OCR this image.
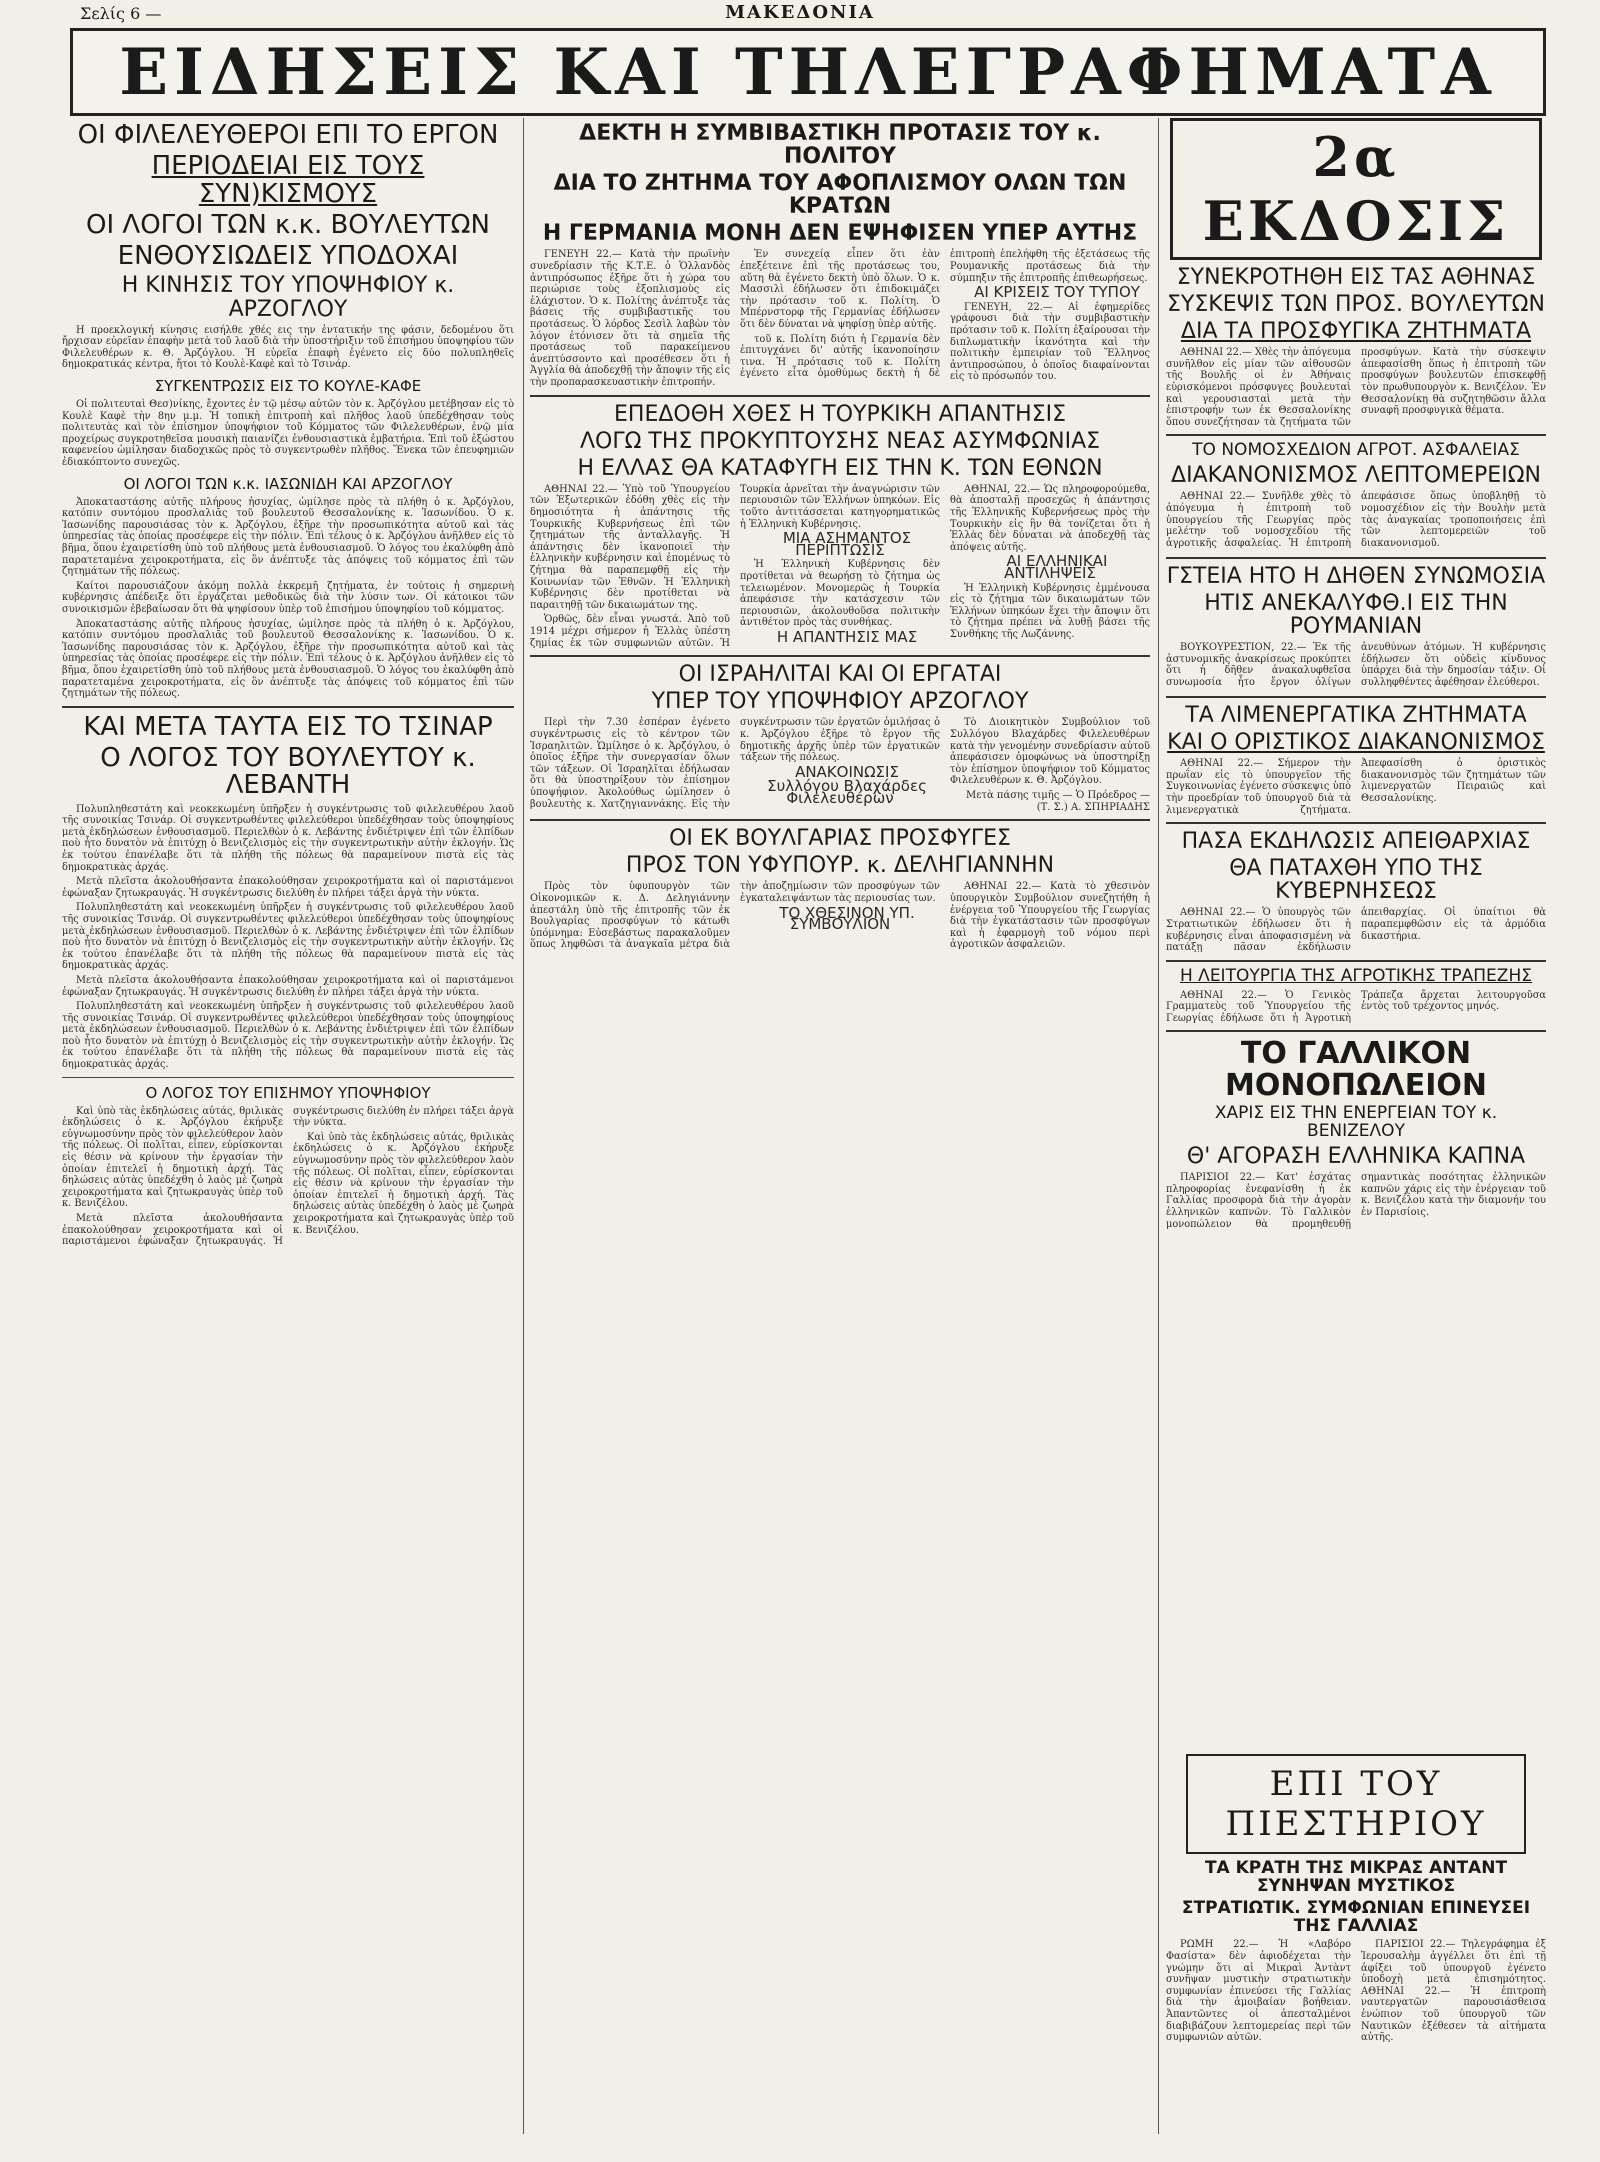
Σελίς 6 —	ΜΑΚΕΔΟΝΙΑ
ΕΙΔΗΣΕΙΣ ΚΑΙ ΤΗΛΕΓΡΑΦΗΜΑΤΑ
ΟΙ ΦΙΛΕΛΕΥΘΕΡΟΙ ΕΠΙ ΤΟ ΕΡΓΟΝ
ΠΕΡΙΟΔΕΙΑΙ ΕΙΣ ΤΟΥΣ ΣΥΝ)ΚΙΣΜΟΥΣ
ΟΙ ΛΟΓΟΙ ΤΩΝ κ.κ. ΒΟΥΛΕΥΤΩΝ
ΕΝΘΟΥΣΙΩΔΕΙΣ ΥΠΟΔΟΧΑΙ
Η ΚΙΝΗΣΙΣ ΤΟΥ ΥΠΟΨΗΦΙΟΥ κ. ΑΡΖΟΓΛΟΥ

Η προεκλογική κίνησις εισήλθε χθές εις την ἐντατικήν της φάσιν, δεδομένου ὅτι ἤρχισαν εὐρεῖαν ἐπαφὴν μετὰ τοῦ λαοῦ διὰ τὴν ὑποστήριξιν τοῦ ἐπισήμου ὑποψηφίου τῶν Φιλελευθέρων κ. Θ. Ἀρζόγλου. Ἡ εὐρεῖα ἐπαφὴ ἐγένετο εἰς δύο πολυπληθεῖς δημοκρατικάς κέντρα, ἤτοι τὸ Κουλὲ-Καφὲ καὶ τὸ Τσινάρ.

ΣΥΓΚΕΝΤΡΩΣΙΣ ΕΙΣ ΤΟ ΚΟΥΛΕ-ΚΑΦΕ

Οἱ πολιτευταὶ Θεσ)νίκης, ἔχοντες ἐν τῷ μέσῳ αὐτῶν τὸν κ. Ἀρζόγλου μετέβησαν εἰς τὸ Κουλὲ Καφὲ τὴν 8ην μ.μ. Ἡ τοπικὴ ἐπιτροπὴ καὶ πλῆθος λαοῦ ὑπεδέχθησαν τοὺς πολιτευτὰς καὶ τὸν ἐπίσημον ὑποψήφιον τοῦ Κόμματος τῶν Φιλελευθέρων, ἐνῷ μία προχείρως συγκροτηθεῖσα μουσικὴ παιανίζει ἐνθουσιαστικὰ ἐμβατήρια. Ἐπὶ τοῦ ἐξώστου καφενείου ὡμίλησαν διαδοχικῶς πρὸς τὸ συγκεντρωθὲν πλῆθος. Ἕνεκα τῶν ἐπευφημιῶν ἐδιακόπτοντο συνεχῶς.

ΟΙ ΛΟΓΟΙ ΤΩΝ κ.κ. ΙΑΣΩΝΙΔΗ ΚΑΙ ΑΡΖΟΓΛΟΥ

Ἀποκαταστάσης αὐτῆς πλήρους ἡσυχίας, ὡμίλησε πρὸς τὰ πλήθη ὁ κ. Ἀρζόγλου, κατόπιν συντόμου προσλαλιᾶς τοῦ βουλευτοῦ Θεσσαλονίκης κ. Ἰασωνίδου. Ὁ κ. Ἰασωνίδης παρουσιάσας τὸν κ. Ἀρζόγλου, ἐξῆρε τὴν προσωπικότητα αὐτοῦ καὶ τὰς ὑπηρεσίας τὰς ὁποίας προσέφερε εἰς τὴν πόλιν. Ἐπὶ τέλους ὁ κ. Ἀρζόγλου ἀνῆλθεν εἰς τὸ βῆμα, ὅπου ἐχαιρετίσθη ὑπὸ τοῦ πλήθους μετὰ ἐνθουσιασμοῦ. Ὁ λόγος του ἐκαλύφθη ἀπὸ παρατεταμένα χειροκροτήματα, εἰς ὃν ἀνέπτυξε τὰς ἀπόψεις τοῦ κόμματος ἐπὶ τῶν ζητημάτων τῆς πόλεως.

Καίτοι παρουσιάζουν ἀκόμη πολλὰ ἐκκρεμῆ ζητήματα, ἐν τούτοις ἡ σημερινὴ κυβέρνησις ἀπέδειξε ὅτι ἐργάζεται μεθοδικῶς διὰ τὴν λύσιν των. Οἱ κάτοικοι τῶν συνοικισμῶν ἐβεβαίωσαν ὅτι θὰ ψηφίσουν ὑπὲρ τοῦ ἐπισήμου ὑποψηφίου τοῦ κόμματος.

Ἀποκαταστάσης αὐτῆς πλήρους ἡσυχίας, ὡμίλησε πρὸς τὰ πλήθη ὁ κ. Ἀρζόγλου, κατόπιν συντόμου προσλαλιᾶς τοῦ βουλευτοῦ Θεσσαλονίκης κ. Ἰασωνίδου. Ὁ κ. Ἰασωνίδης παρουσιάσας τὸν κ. Ἀρζόγλου, ἐξῆρε τὴν προσωπικότητα αὐτοῦ καὶ τὰς ὑπηρεσίας τὰς ὁποίας προσέφερε εἰς τὴν πόλιν. Ἐπὶ τέλους ὁ κ. Ἀρζόγλου ἀνῆλθεν εἰς τὸ βῆμα, ὅπου ἐχαιρετίσθη ὑπὸ τοῦ πλήθους μετὰ ἐνθουσιασμοῦ. Ὁ λόγος του ἐκαλύφθη ἀπὸ παρατεταμένα χειροκροτήματα, εἰς ὃν ἀνέπτυξε τὰς ἀπόψεις τοῦ κόμματος ἐπὶ τῶν ζητημάτων τῆς πόλεως.

ΚΑΙ ΜΕΤΑ ΤΑΥΤΑ ΕΙΣ ΤΟ ΤΣΙΝΑΡ
Ο ΛΟΓΟΣ ΤΟΥ ΒΟΥΛΕΥΤΟΥ κ. ΛΕΒΑΝΤΗ

Πολυπληθεστάτη καὶ νεοκεκωμένη ὑπῆρξεν ἡ συγκέντρωσις τοῦ φιλελευθέρου λαοῦ τῆς συνοικίας Τσινάρ. Οἱ συγκεντρωθέντες φιλελεύθεροι ὑπεδέχθησαν τοὺς ὑποψηφίους μετὰ ἐκδηλώσεων ἐνθουσιασμοῦ. Περιελθὼν ὁ κ. Λεβάντης ἐνδιέτριψεν ἐπὶ τῶν ἐλπίδων ποὺ ἦτο δυνατὸν νὰ ἐπιτύχῃ ὁ Βενιζελισμὸς εἰς τὴν συγκεντρωτικὴν αὐτὴν ἐκλογήν. Ὡς ἐκ τούτου ἐπανέλαβε ὅτι τὰ πλήθη τῆς πόλεως θὰ παραμείνουν πιστὰ εἰς τὰς δημοκρατικὰς ἀρχάς.

Μετὰ πλεῖστα ἀκολουθήσαντα ἐπακολούθησαν χειροκροτήματα καὶ οἱ παριστάμενοι ἐφώναξαν ζητωκραυγάς. Ἡ συγκέντρωσις διελύθη ἐν πλήρει τάξει ἀργὰ τὴν νύκτα.

Πολυπληθεστάτη καὶ νεοκεκωμένη ὑπῆρξεν ἡ συγκέντρωσις τοῦ φιλελευθέρου λαοῦ τῆς συνοικίας Τσινάρ. Οἱ συγκεντρωθέντες φιλελεύθεροι ὑπεδέχθησαν τοὺς ὑποψηφίους μετὰ ἐκδηλώσεων ἐνθουσιασμοῦ. Περιελθὼν ὁ κ. Λεβάντης ἐνδιέτριψεν ἐπὶ τῶν ἐλπίδων ποὺ ἦτο δυνατὸν νὰ ἐπιτύχῃ ὁ Βενιζελισμὸς εἰς τὴν συγκεντρωτικὴν αὐτὴν ἐκλογήν. Ὡς ἐκ τούτου ἐπανέλαβε ὅτι τὰ πλήθη τῆς πόλεως θὰ παραμείνουν πιστὰ εἰς τὰς δημοκρατικὰς ἀρχάς.

Μετὰ πλεῖστα ἀκολουθήσαντα ἐπακολούθησαν χειροκροτήματα καὶ οἱ παριστάμενοι ἐφώναξαν ζητωκραυγάς. Ἡ συγκέντρωσις διελύθη ἐν πλήρει τάξει ἀργὰ τὴν νύκτα.

Πολυπληθεστάτη καὶ νεοκεκωμένη ὑπῆρξεν ἡ συγκέντρωσις τοῦ φιλελευθέρου λαοῦ τῆς συνοικίας Τσινάρ. Οἱ συγκεντρωθέντες φιλελεύθεροι ὑπεδέχθησαν τοὺς ὑποψηφίους μετὰ ἐκδηλώσεων ἐνθουσιασμοῦ. Περιελθὼν ὁ κ. Λεβάντης ἐνδιέτριψεν ἐπὶ τῶν ἐλπίδων ποὺ ἦτο δυνατὸν νὰ ἐπιτύχῃ ὁ Βενιζελισμὸς εἰς τὴν συγκεντρωτικὴν αὐτὴν ἐκλογήν. Ὡς ἐκ τούτου ἐπανέλαβε ὅτι τὰ πλήθη τῆς πόλεως θὰ παραμείνουν πιστὰ εἰς τὰς δημοκρατικὰς ἀρχάς.

Ο ΛΟΓΟΣ ΤΟΥ ΕΠΙΣΗΜΟΥ ΥΠΟΨΗΦΙΟΥ

Καὶ ὑπὸ τὰς ἐκδηλώσεις αὐτάς, θριλικὰς ἐκδηλώσεις ὁ κ. Ἀρζόγλου ἐκήρυξε εὐγνωμοσύνην πρὸς τὸν φιλελεύθερον λαὸν τῆς πόλεως. Οἱ πολῖται, εἶπεν, εὑρίσκονται εἰς θέσιν νὰ κρίνουν τὴν ἐργασίαν τὴν ὁποίαν ἐπιτελεῖ ἡ δημοτικὴ ἀρχή. Τὰς δηλώσεις αὐτὰς ὑπεδέχθη ὁ λαὸς μὲ ζωηρὰ χειροκροτήματα καὶ ζητωκραυγὰς ὑπὲρ τοῦ κ. Βενιζέλου.

Μετὰ πλεῖστα ἀκολουθήσαντα ἐπακολούθησαν χειροκροτήματα καὶ οἱ παριστάμενοι ἐφώναξαν ζητωκραυγάς. Ἡ συγκέντρωσις διελύθη ἐν πλήρει τάξει ἀργὰ τὴν νύκτα.

Καὶ ὑπὸ τὰς ἐκδηλώσεις αὐτάς, θριλικὰς ἐκδηλώσεις ὁ κ. Ἀρζόγλου ἐκήρυξε εὐγνωμοσύνην πρὸς τὸν φιλελεύθερον λαὸν τῆς πόλεως. Οἱ πολῖται, εἶπεν, εὑρίσκονται εἰς θέσιν νὰ κρίνουν τὴν ἐργασίαν τὴν ὁποίαν ἐπιτελεῖ ἡ δημοτικὴ ἀρχή. Τὰς δηλώσεις αὐτὰς ὑπεδέχθη ὁ λαὸς μὲ ζωηρὰ χειροκροτήματα καὶ ζητωκραυγὰς ὑπὲρ τοῦ κ. Βενιζέλου.

ΔΕΚΤΗ Η ΣΥΜΒΙΒΑΣΤΙΚΗ ΠΡΟΤΑΣΙΣ ΤΟΥ κ. ΠΟΛΙΤΟΥ
ΔΙΑ ΤΟ ΖΗΤΗΜΑ ΤΟΥ ΑΦΟΠΛΙΣΜΟΥ ΟΛΩΝ ΤΩΝ ΚΡΑΤΩΝ
Η ΓΕΡΜΑΝΙΑ ΜΟΝΗ ΔΕΝ ΕΨΗΦΙΣΕΝ ΥΠΕΡ ΑΥΤΗΣ

ΓΕΝΕΥΗ 22.— Κατὰ τὴν πρωϊνὴν συνεδρίασιν τῆς Κ.Τ.Ε. ὁ Ὁλλανδὸς ἀντιπρόσωπος ἐξῆρε ὅτι ἡ χώρα του περιώρισε τοὺς ἐξοπλισμοὺς εἰς ἐλάχιστον. Ὁ κ. Πολίτης ἀνέπτυξε τὰς βάσεις τῆς συμβιβαστικῆς του προτάσεως. Ὁ λόρδος Σεσὶλ λαβὼν τὸν λόγον ἐτόνισεν ὅτι τὰ σημεῖα τῆς προτάσεως τοῦ παρακείμενου ἀνεπτύσσοντο καὶ προσέθεσεν ὅτι ἡ Ἀγγλία θὰ ἀποδεχθῇ τὴν ἄποψιν τῆς εἰς τὴν προπαρασκευαστικὴν ἐπιτροπήν.

Ἐν συνεχείᾳ εἶπεν ὅτι ἐὰν ἐπεξέτεινε ἐπὶ τῆς προτάσεως του, αὕτη θὰ ἐγένετο δεκτὴ ὑπὸ ὅλων. Ὁ κ. Μασσιλὶ ἐδήλωσεν ὅτι ἐπιδοκιμάζει τὴν πρότασιν τοῦ κ. Πολίτη. Ὁ Μπέρνστορφ τῆς Γερμανίας ἐδήλωσεν ὅτι δὲν δύναται νὰ ψηφίσῃ ὑπὲρ αὐτῆς.

τοῦ κ. Πολίτη διότι ἡ Γερμανία δὲν ἐπιτυγχάνει δι' αὐτῆς ἱκανοποίησιν τινα. Ἡ πρότασις τοῦ κ. Πολίτη ἐγένετο εἶτα ὁμοθύμως δεκτὴ ἡ δὲ ἐπιτροπὴ ἐπελήφθη τῆς ἐξετάσεως τῆς Ρουμανικῆς προτάσεως διὰ τὴν σύμπηξιν τῆς ἐπιτροπῆς ἐπιθεωρήσεως.

ΑΙ ΚΡΙΣΕΙΣ ΤΟΥ ΤΥΠΟΥ

ΓΕΝΕΥΗ, 22.— Αἱ ἐφημερίδες γράφουσι διὰ τὴν συμβιβαστικὴν πρότασιν τοῦ κ. Πολίτη ἐξαίρουσαι τὴν διπλωματικὴν ἱκανότητα καὶ τὴν πολιτικὴν ἐμπειρίαν τοῦ Ἕλληνος ἀντιπροσώπου, ὁ ὁποῖος διαφαίνονται εἰς τὸ πρόσωπόν του.

ΕΠΕΔΟΘΗ ΧΘΕΣ Η ΤΟΥΡΚΙΚΗ ΑΠΑΝΤΗΣΙΣ
ΛΟΓΩ ΤΗΣ ΠΡΟΚΥΠΤΟΥΣΗΣ ΝΕΑΣ ΑΣΥΜΦΩΝΙΑΣ
Η ΕΛΛΑΣ ΘΑ ΚΑΤΑΦΥΓΗ ΕΙΣ ΤΗΝ Κ. ΤΩΝ ΕΘΝΩΝ

ΑΘΗΝΑΙ 22.— Ὑπὸ τοῦ Ὑπουργείου τῶν Ἐξωτερικῶν ἐδόθη χθὲς εἰς τὴν δημοσιότητα ἡ ἀπάντησις τῆς Τουρκικῆς Κυβερνήσεως ἐπὶ τῶν ζητημάτων τῆς ἀνταλλαγῆς. Ἡ ἀπάντησις δὲν ἱκανοποιεῖ τὴν ἑλληνικὴν κυβέρνησιν καὶ ἐπομένως τὸ ζήτημα θὰ παραπεμφθῇ εἰς τὴν Κοινωνίαν τῶν Ἐθνῶν. Ἡ Ἑλληνικὴ Κυβέρνησις δὲν προτίθεται νὰ παραιτηθῇ τῶν δικαιωμάτων της.

Ὁρθῶς, δὲν εἶναι γνωστά. Ἀπὸ τοῦ 1914 μέχρι σήμερον ἡ Ἑλλὰς ὑπέστη ζημίας ἐκ τῶν συμφωνιῶν αὐτῶν. Ἡ Τουρκία ἀρνεῖται τὴν ἀναγνώρισιν τῶν περιουσιῶν τῶν Ἑλλήνων ὑπηκόων. Εἰς τοῦτο ἀντιτάσσεται κατηγορηματικῶς ἡ Ἑλληνικὴ Κυβέρνησις.

ΜΙΑ ΑΣΗΜΑΝΤΟΣ ΠΕΡΙΠΤΩΣΙΣ

Ἡ Ἑλληνικὴ Κυβέρνησις δὲν προτίθεται νὰ θεωρήσῃ τὸ ζήτημα ὡς τελειωμένον. Μονομερῶς ἡ Τουρκία ἀπεφάσισε τὴν κατάσχεσιν τῶν περιουσιῶν, ἀκολουθοῦσα πολιτικὴν ἀντιθέτον πρὸς τὰς συνθήκας.

Η ΑΠΑΝΤΗΣΙΣ ΜΑΣ

ΑΘΗΝΑΙ, 22.— Ὡς πληροφορούμεθα, θὰ ἀποσταλῇ προσεχῶς ἡ ἀπάντησις τῆς Ἑλληνικῆς Κυβερνήσεως πρὸς τὴν Τουρκικὴν εἰς ἣν θὰ τονίζεται ὅτι ἡ Ἑλλὰς δὲν δύναται νὰ ἀποδεχθῇ τὰς ἀπόψεις αὐτῆς.

ΑΙ ΕΛΛΗΝΙΚΑΙ ΑΝΤΙΛΗΨΕΙΣ

Ἡ Ἑλληνικὴ Κυβέρνησις ἐμμένουσα εἰς τὸ ζήτημα τῶν δικαιωμάτων τῶν Ἑλλήνων ὑπηκόων ἔχει τὴν ἄποψιν ὅτι τὸ ζήτημα πρέπει νὰ λυθῇ βάσει τῆς Συνθήκης τῆς Λωζάννης.

ΟΙ ΙΣΡΑΗΛΙΤΑΙ ΚΑΙ ΟΙ ΕΡΓΑΤΑΙ
ΥΠΕΡ ΤΟΥ ΥΠΟΨΗΦΙΟΥ ΑΡΖΟΓΛΟΥ

Περὶ τὴν 7.30 ἑσπέραν ἐγένετο συγκέντρωσις εἰς τὸ κέντρον τῶν Ἰσραηλιτῶν. Ὡμίλησε ὁ κ. Ἀρζόγλου, ὁ ὁποῖος ἐξῆρε τὴν συνεργασίαν ὅλων τῶν τάξεων. Οἱ Ἰσραηλῖται ἐδήλωσαν ὅτι θὰ ὑποστηρίξουν τὸν ἐπίσημον ὑποψήφιον. Ἀκολούθως ὡμίλησεν ὁ βουλευτὴς κ. Χατζηγιαννάκης. Εἰς τὴν συγκέντρωσιν τῶν ἐργατῶν ὁμιλήσας ὁ κ. Ἀρζόγλου ἐξῆρε τὸ ἔργον τῆς δημοτικῆς ἀρχῆς ὑπὲρ τῶν ἐργατικῶν τάξεων τῆς πόλεως.

ΑΝΑΚΟΙΝΩΣΙΣ

Συλλόγου Βλαχάρδες Φιλελευθέρων

Τὸ Διοικητικὸν Συμβούλιον τοῦ Συλλόγου Βλαχάρδες Φιλελευθέρων κατὰ τὴν γενομένην συνεδρίασιν αὐτοῦ ἀπεφάσισεν ὁμοφώνως νὰ ὑποστηρίξῃ τὸν ἐπίσημον ὑποψήφιον τοῦ Κόμματος Φιλελευθέρων κ. Θ. Ἀρζόγλου.

Μετὰ πάσης τιμῆς — Ὁ Πρόεδρος — (Τ. Σ.) Α. ΣΠΗΡΙΑΔΗΣ

ΟΙ ΕΚ ΒΟΥΛΓΑΡΙΑΣ ΠΡΟΣΦΥΓΕΣ
ΠΡΟΣ ΤΟΝ ΥΦΥΠΟΥΡ. κ. ΔΕΛΗΓΙΑΝΝΗΝ

Πρὸς τὸν ὑφυπουργὸν τῶν Οἰκονομικῶν κ. Δ. Δεληγιάννην ἀπεστάλη ὑπὸ τῆς ἐπιτροπῆς τῶν ἐκ Βουλγαρίας προσφύγων τὸ κάτωθι ὑπόμνημα: Εὐσεβάστως παρακαλοῦμεν ὅπως ληφθῶσι τὰ ἀναγκαῖα μέτρα διὰ τὴν ἀποζημίωσιν τῶν προσφύγων τῶν ἐγκαταλειψάντων τὰς περιουσίας των.

ΤΟ ΧΘΕΣΙΝΟΝ ΥΠ. ΣΥΜΒΟΥΛΙΟΝ

ΑΘΗΝΑΙ 22.— Κατὰ τὸ χθεσινὸν ὑπουργικὸν Συμβούλιον συνεζητήθη ἡ ἐνέργεια τοῦ Ὑπουργείου τῆς Γεωργίας διὰ τὴν ἐγκατάστασιν τῶν προσφύγων καὶ ἡ ἐφαρμογὴ τοῦ νόμου περὶ ἀγροτικῶν ἀσφαλειῶν.

2α ΕΚΔΟΣΙΣ
ΣΥΝΕΚΡΟΤΗΘΗ ΕΙΣ ΤΑΣ ΑΘΗΝΑΣ
ΣΥΣΚΕΨΙΣ ΤΩΝ ΠΡΟΣ. ΒΟΥΛΕΥΤΩΝ
ΔΙΑ ΤΑ ΠΡΟΣΦΥΓΙΚΑ ΖΗΤΗΜΑΤΑ

ΑΘΗΝΑΙ 22.— Χθὲς τὴν ἀπόγευμα συνῆλθον εἰς μίαν τῶν αἰθουσῶν τῆς Βουλῆς οἱ ἐν Ἀθήναις εὑρισκόμενοι πρόσφυγες βουλευταὶ καὶ γερουσιασταὶ μετὰ τὴν ἐπιστροφήν των ἐκ Θεσσαλονίκης ὅπου συνεζήτησαν τὰ ζητήματα τῶν προσφύγων. Κατὰ τὴν σύσκεψιν ἀπεφασίσθη ὅπως ἡ ἐπιτροπὴ τῶν προσφύγων βουλευτῶν ἐπισκεφθῇ τὸν πρωθυπουργὸν κ. Βενιζέλον. Ἐν Θεσσαλονίκῃ θὰ συζητηθῶσιν ἄλλα συναφῆ προσφυγικὰ θέματα.

ΤΟ ΝΟΜΟΣΧΕΔΙΟΝ ΑΓΡΟΤ. ΑΣΦΑΛΕΙΑΣ
ΔΙΑΚΑΝΟΝΙΣΜΟΣ ΛΕΠΤΟΜΕΡΕΙΩΝ

ΑΘΗΝΑΙ 22.— Συνῆλθε χθὲς τὸ ἀπόγευμα ἡ ἐπιτροπὴ τοῦ ὑπουργείου τῆς Γεωργίας πρὸς μελέτην τοῦ νομοσχεδίου τῆς ἀγροτικῆς ἀσφαλείας. Ἡ ἐπιτροπὴ ἀπεφάσισε ὅπως ὑποβληθῇ τὸ νομοσχέδιον εἰς τὴν Βουλὴν μετὰ τὰς ἀναγκαίας τροποποιήσεις ἐπὶ τῶν λεπτομερειῶν τοῦ διακανονισμοῦ.

ΓΣΤΕΙΑ ΗΤΟ Η ΔΗΘΕΝ ΣΥΝΩΜΟΣΙΑ
ΗΤΙΣ ΑΝΕΚΑΛΥΦΘ.Ι ΕΙΣ ΤΗΝ ΡΟΥΜΑΝΙΑΝ

ΒΟΥΚΟΥΡΕΣΤΙΟΝ, 22.— Ἐκ τῆς ἀστυνομικῆς ἀνακρίσεως προκύπτει ὅτι ἡ δῆθεν ἀνακαλυφθεῖσα συνωμοσία ἦτο ἔργον ὀλίγων ἀνευθύνων ἀτόμων. Ἡ κυβέρνησις ἐδήλωσεν ὅτι οὐδεὶς κίνδυνος ὑπάρχει διὰ τὴν δημοσίαν τάξιν. Οἱ συλληφθέντες ἀφέθησαν ἐλεύθεροι.

ΤΑ ΛΙΜΕΝΕΡΓΑΤΙΚΑ ΖΗΤΗΜΑΤΑ
ΚΑΙ Ο ΟΡΙΣΤΙΚΟΣ ΔΙΑΚΑΝΟΝΙΣΜΟΣ

ΑΘΗΝΑΙ 22.— Σήμερον τὴν πρωΐαν εἰς τὸ ὑπουργεῖον τῆς Συγκοινωνίας ἐγένετο σύσκεψις ὑπὸ τὴν προεδρίαν τοῦ ὑπουργοῦ διὰ τὰ λιμενεργατικὰ ζητήματα. Ἀπεφασίσθη ὁ ὁριστικὸς διακανονισμὸς τῶν ζητημάτων τῶν λιμενεργατῶν Πειραιῶς καὶ Θεσσαλονίκης.

ΠΑΣΑ ΕΚΔΗΛΩΣΙΣ ΑΠΕΙΘΑΡΧΙΑΣ
ΘΑ ΠΑΤΑΧΘΗ ΥΠΟ ΤΗΣ ΚΥΒΕΡΝΗΣΕΩΣ

ΑΘΗΝΑΙ 22.— Ὁ ὑπουργὸς τῶν Στρατιωτικῶν ἐδήλωσεν ὅτι ἡ κυβέρνησις εἶναι ἀποφασισμένη νὰ πατάξῃ πᾶσαν ἐκδήλωσιν ἀπειθαρχίας. Οἱ ὑπαίτιοι θὰ παραπεμφθῶσιν εἰς τὰ ἁρμόδια δικαστήρια.

Η ΛΕΙΤΟΥΡΓΙΑ ΤΗΣ ΑΓΡΟΤΙΚΗΣ ΤΡΑΠΕΖΗΣ

ΑΘΗΝΑΙ 22.— Ὁ Γενικὸς Γραμματεὺς τοῦ Ὑπουργείου τῆς Γεωργίας ἐδήλωσε ὅτι ἡ Ἀγροτικὴ Τράπεζα ἄρχεται λειτουργοῦσα ἐντὸς τοῦ τρέχοντος μηνός.

ΤΟ ΓΑΛΛΙΚΟΝ ΜΟΝΟΠΩΛΕΙΟΝ
ΧΑΡΙΣ ΕΙΣ ΤΗΝ ΕΝΕΡΓΕΙΑΝ ΤΟΥ κ. ΒΕΝΙΖΕΛΟΥ
Θ' ΑΓΟΡΑΣΗ ΕΛΛΗΝΙΚΑ ΚΑΠΝΑ

ΠΑΡΙΣΙΟΙ 22.— Κατ' ἐσχάτας πληροφορίας ἐνεφανίσθη ἡ ἐκ Γαλλίας προσφορὰ διὰ τὴν ἀγορὰν ἑλληνικῶν καπνῶν. Τὸ Γαλλικὸν μονοπώλειον θὰ προμηθευθῇ σημαντικὰς ποσότητας ἑλληνικῶν καπνῶν χάρις εἰς τὴν ἐνέργειαν τοῦ κ. Βενιζέλου κατὰ τὴν διαμονήν του ἐν Παρισίοις.

ΕΠΙ ΤΟΥ ΠΙΕΣΤΗΡΙΟΥ
ΤΑ ΚΡΑΤΗ ΤΗΣ ΜΙΚΡΑΣ ΑΝΤΑΝΤ ΣΥΝΗΨΑΝ ΜΥΣΤΙΚΟΣ
ΣΤΡΑΤΙΩΤΙΚ. ΣΥΜΦΩΝΙΑΝ ΕΠΙΝΕΥΣΕΙ ΤΗΣ ΓΑΛΛΙΑΣ

ΡΩΜΗ 22.— Ἡ «Λαβόρο Φασίστα» δὲν ἀφιοδέχεται τὴν γνώμην ὅτι αἱ Μικραὶ Ἀντὰντ συνῆψαν μυστικὴν στρατιωτικὴν συμφωνίαν ἐπινεύσει τῆς Γαλλίας διὰ τὴν ἀμοιβαίαν βοήθειαν. Ἀπαντῶντες οἱ ἀπεσταλμένοι διαβιβάζουν λεπτομερείας περὶ τῶν συμφωνιῶν αὐτῶν.

ΠΑΡΙΣΙΟΙ 22.— Τηλεγράφημα ἐξ Ἱερουσαλὴμ ἀγγέλλει ὅτι ἐπὶ τῇ ἀφίξει τοῦ ὑπουργοῦ ἐγένετο ὑποδοχὴ μετὰ ἐπισημότητος. ΑΘΗΝΑΙ 22.— Ἡ ἐπιτροπὴ ναυτεργατῶν παρουσιάσθεισα ἐνώπιον τοῦ ὑπουργοῦ τῶν Ναυτικῶν ἐξέθεσεν τὰ αἰτήματα αὐτῆς.
